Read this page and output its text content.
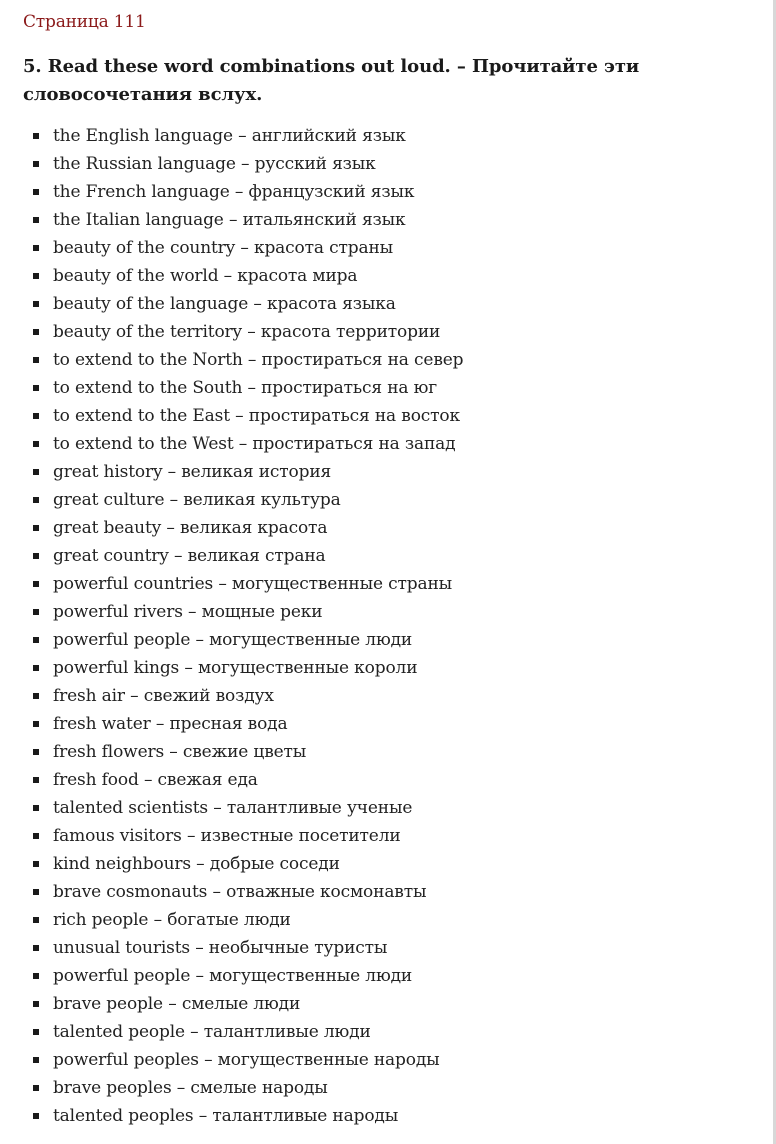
Страница 111
5. Read these word combinations out loud. – Прочитайте эти словосочетания вслух.
the English language – английский язык
the Russian language – русский язык
the French language – французский язык
the Italian language – итальянский язык
beauty of the country – красота страны
beauty of the world – красота мира
beauty of the language – красота языка
beauty of the territory – красота территории
to extend to the North – простираться на север
to extend to the South – простираться на юг
to extend to the East – простираться на восток
to extend to the West – простираться на запад
great history – великая история
great culture – великая культура
great beauty – великая красота
great country – великая страна
powerful countries – могущественные страны
powerful rivers – мощные реки
powerful people – могущественные люди
powerful kings – могущественные короли
fresh air – свежий воздух
fresh water – пресная вода
fresh flowers – свежие цветы
fresh food – свежая еда
talented scientists – талантливые ученые
famous visitors – известные посетители
kind neighbours – добрые соседи
brave cosmonauts – отважные космонавты
rich people – богатые люди
unusual tourists – необычные туристы
powerful people – могущественные люди
brave people – смелые люди
talented people – талантливые люди
powerful peoples – могущественные народы
brave peoples – смелые народы
talented peoples – талантливые народы
